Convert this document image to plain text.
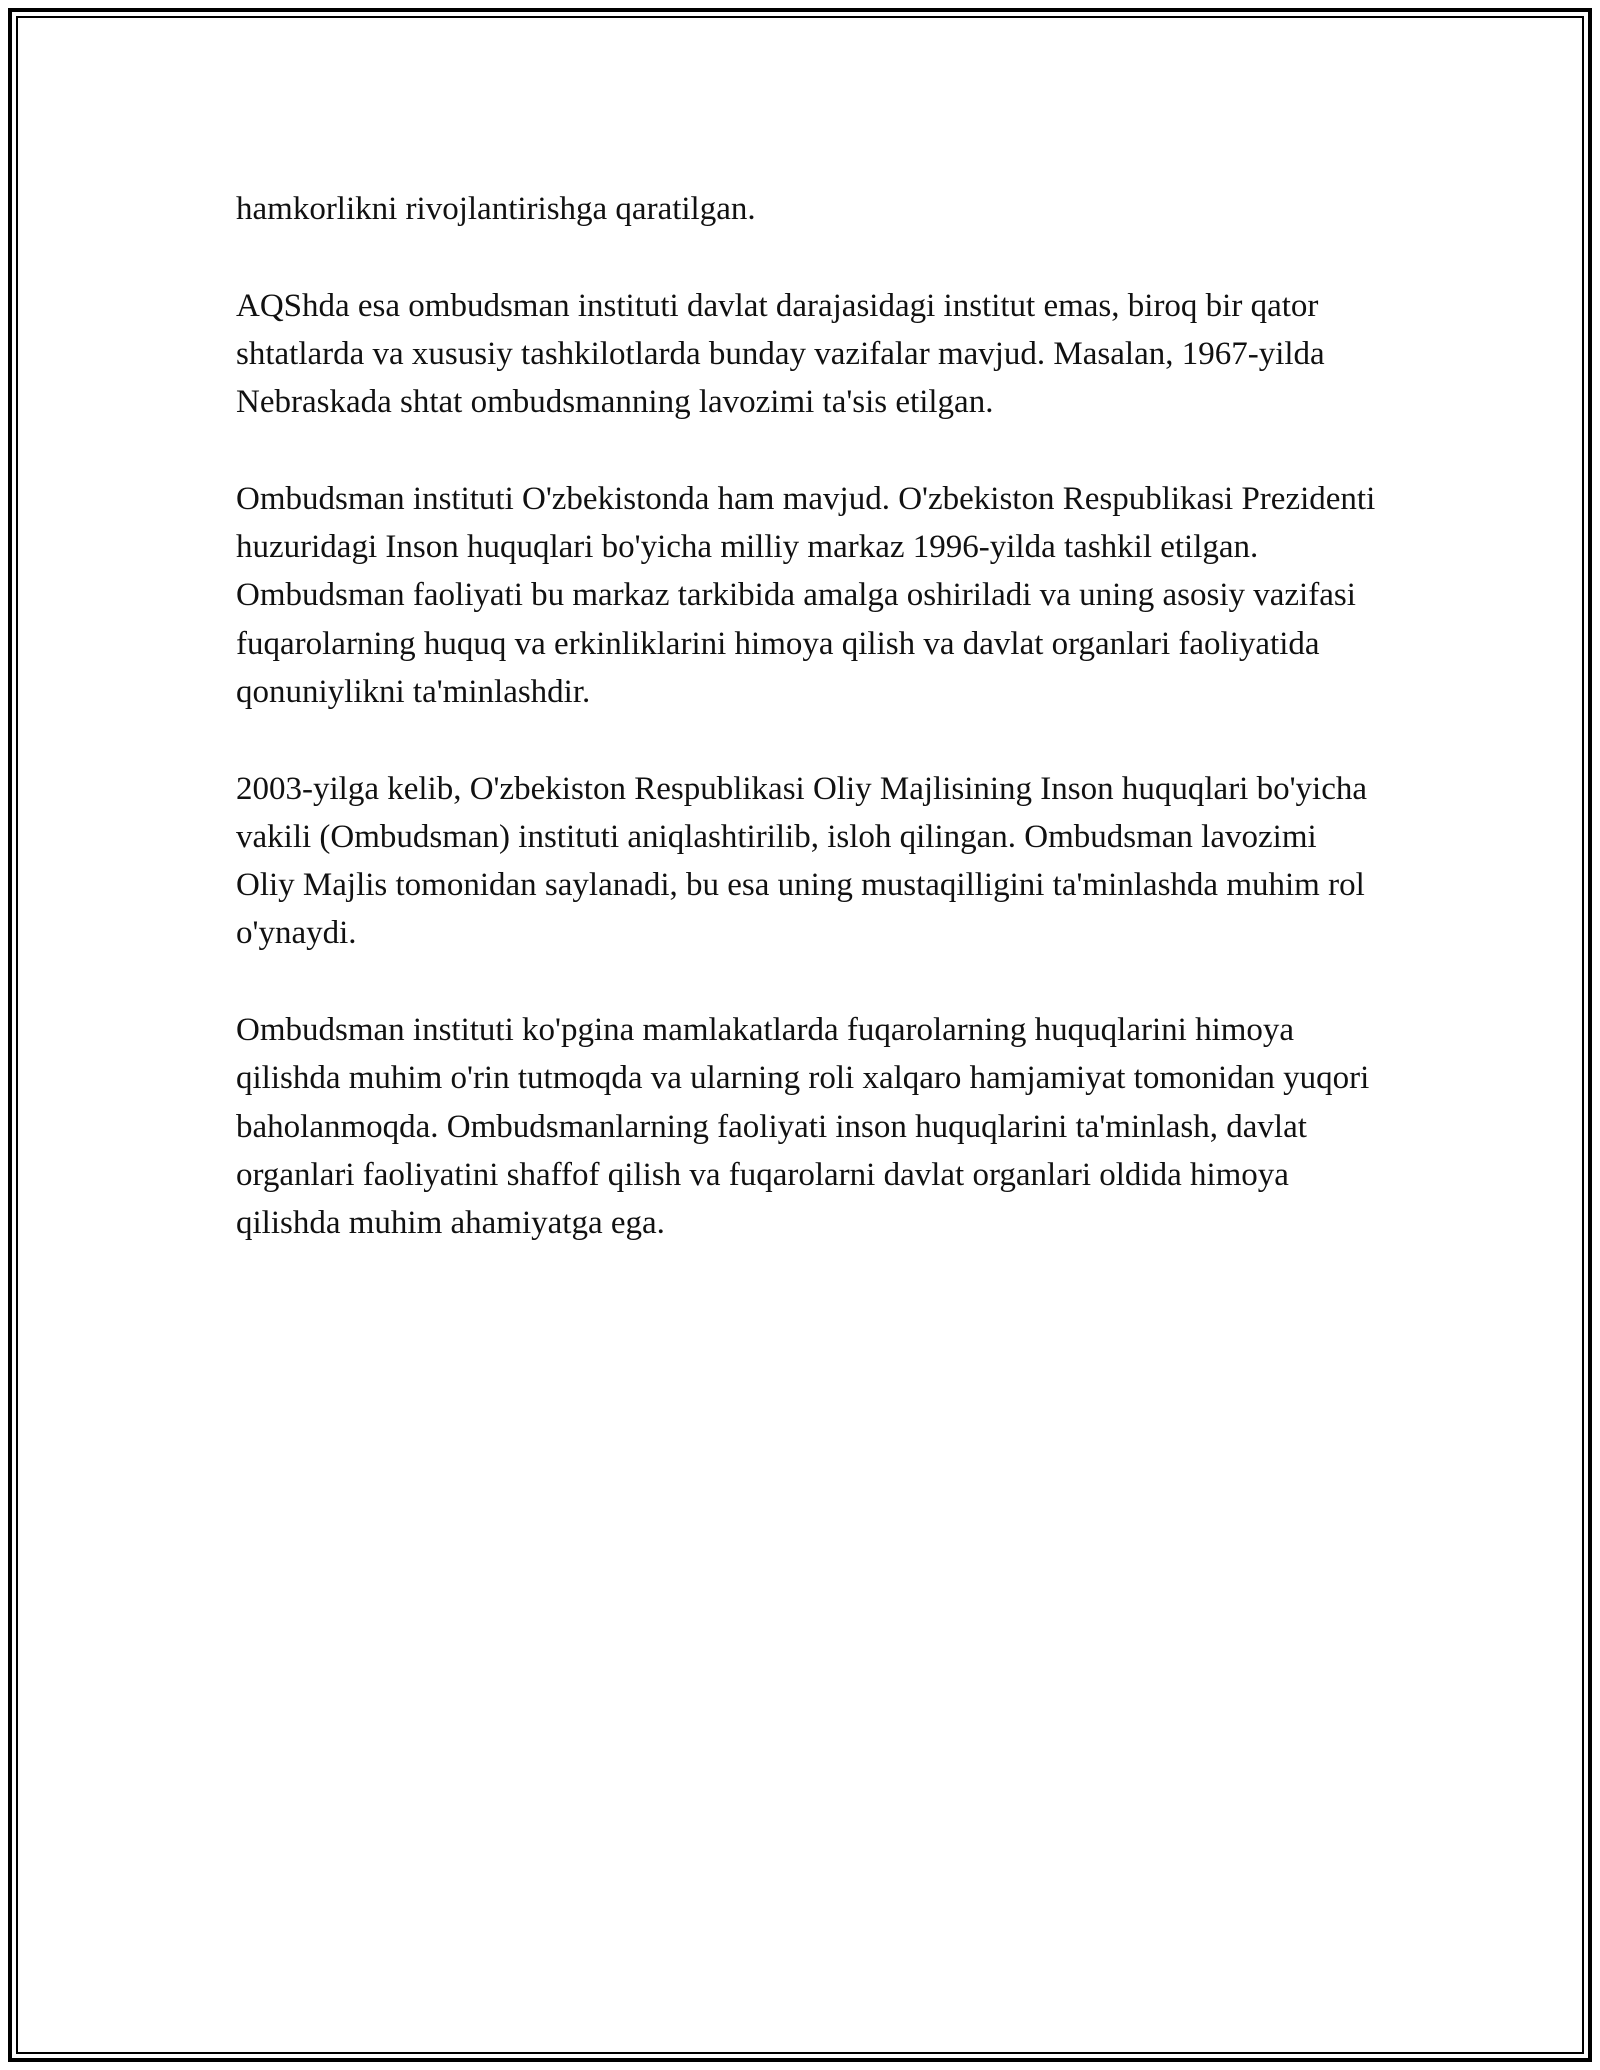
hamkorlikni rivojlantirishga qaratilgan.

AQShda esa ombudsman instituti davlat darajasidagi institut emas, biroq bir qator shtatlarda va xususiy tashkilotlarda bunday vazifalar mavjud. Masalan, 1967-yilda Nebraskada shtat ombudsmanning lavozimi ta'sis etilgan.

Ombudsman instituti O'zbekistonda ham mavjud. O'zbekiston Respublikasi Prezidenti huzuridagi Inson huquqlari bo'yicha milliy markaz 1996-yilda tashkil etilgan. Ombudsman faoliyati bu markaz tarkibida amalga oshiriladi va uning asosiy vazifasi fuqarolarning huquq va erkinliklarini himoya qilish va davlat organlari faoliyatida qonuniylikni ta'minlashdir.

2003-yilga kelib, O'zbekiston Respublikasi Oliy Majlisining Inson huquqlari bo'yicha vakili (Ombudsman) instituti aniqlashtirilib, isloh qilingan. Ombudsman lavozimi Oliy Majlis tomonidan saylanadi, bu esa uning mustaqilligini ta'minlashda muhim rol o'ynaydi.

Ombudsman instituti ko'pgina mamlakatlarda fuqarolarning huquqlarini himoya qilishda muhim o'rin tutmoqda va ularning roli xalqaro hamjamiyat tomonidan yuqori baholanmoqda. Ombudsmanlarning faoliyati inson huquqlarini ta'minlash, davlat organlari faoliyatini shaffof qilish va fuqarolarni davlat organlari oldida himoya qilishda muhim ahamiyatga ega.
